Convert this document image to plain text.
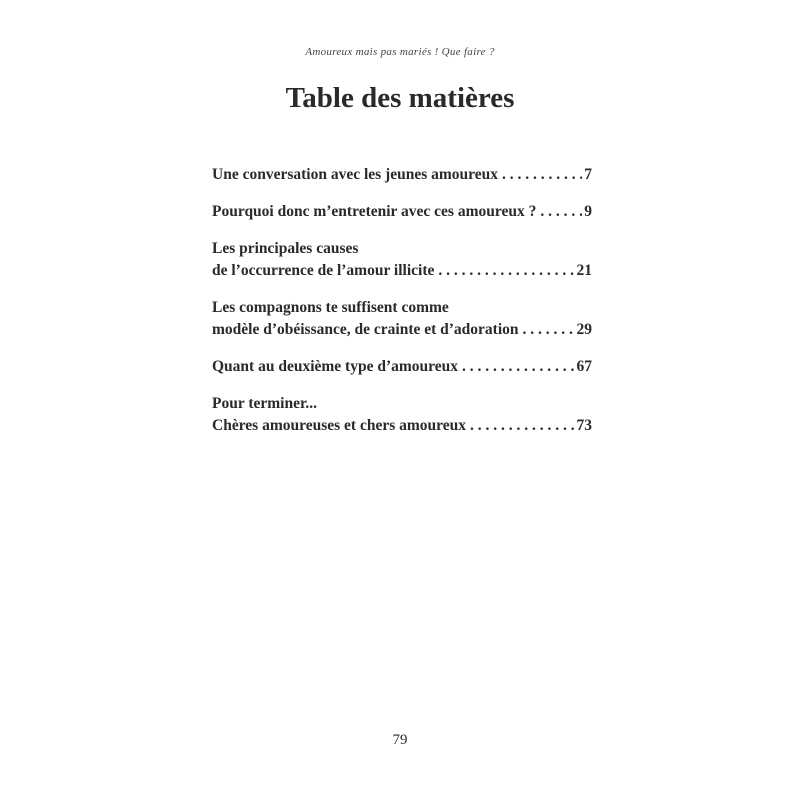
Amoureux mais pas mariés ! Que faire ?
Table des matières
Une conversation avec les jeunes amoureux . . .	7
Pourquoi donc m’entretenir avec ces amoureux ? . . .	9
Les principales causes
de l’occurrence de l’amour illicite . . .	21
Les compagnons te suffisent comme
modèle d’obéissance, de crainte et d’adoration . . .	29
Quant au deuxième type d’amoureux . . .	67
Pour terminer...
Chères amoureuses et chers amoureux . . .	73
79
